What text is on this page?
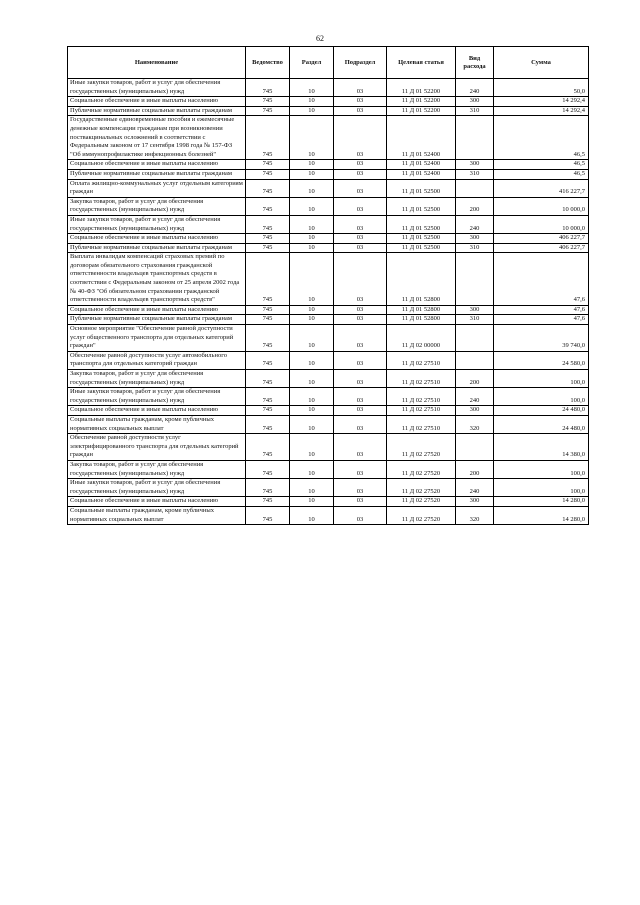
62
Наименование	Ведомство	Раздел	Подраздел	Целевая статья	Вид расхода	Сумма
Иные закупки товаров, работ и услуг для обеспечения государственных (муниципальных) нужд	745	10	03	11 Д 01 52200	240	50,0
Социальное обеспечение и иные выплаты населению	745	10	03	11 Д 01 52200	300	14 292,4
Публичные нормативные социальные выплаты гражданам	745	10	03	11 Д 01 52200	310	14 292,4
Государственные единовременные пособия и ежемесячные денежные компенсации гражданам при возникновении поствакцинальных осложнений в соответствии с Федеральным законом от 17 сентября 1998 года № 157-ФЗ "Об иммунопрофилактике инфекционных болезней"	745	10	03	11 Д 01 52400		46,5
Социальное обеспечение и иные выплаты населению	745	10	03	11 Д 01 52400	300	46,5
Публичные нормативные социальные выплаты гражданам	745	10	03	11 Д 01 52400	310	46,5
Оплата жилищно-коммунальных услуг отдельным категориям граждан	745	10	03	11 Д 01 52500		416 227,7
Закупка товаров, работ и услуг для обеспечения государственных (муниципальных) нужд	745	10	03	11 Д 01 52500	200	10 000,0
Иные закупки товаров, работ и услуг для обеспечения государственных (муниципальных) нужд	745	10	03	11 Д 01 52500	240	10 000,0
Социальное обеспечение и иные выплаты населению	745	10	03	11 Д 01 52500	300	406 227,7
Публичные нормативные социальные выплаты гражданам	745	10	03	11 Д 01 52500	310	406 227,7
Выплата инвалидам компенсаций страховых премий по договорам обязательного страхования гражданской ответственности владельцев транспортных средств в соответствии с Федеральным законом от 25 апреля 2002 года № 40-ФЗ "Об обязательном страховании гражданской ответственности владельцев транспортных средств"	745	10	03	11 Д 01 52800		47,6
Социальное обеспечение и иные выплаты населению	745	10	03	11 Д 01 52800	300	47,6
Публичные нормативные социальные выплаты гражданам	745	10	03	11 Д 01 52800	310	47,6
Основное мероприятие "Обеспечение равной доступности услуг общественного транспорта для отдельных категорий граждан"	745	10	03	11 Д 02 00000		39 740,0
Обеспечение равной доступности услуг автомобильного транспорта для отдельных категорий граждан	745	10	03	11 Д 02 27510		24 580,0
Закупка товаров, работ и услуг для обеспечения государственных (муниципальных) нужд	745	10	03	11 Д 02 27510	200	100,0
Иные закупки товаров, работ и услуг для обеспечения государственных (муниципальных) нужд	745	10	03	11 Д 02 27510	240	100,0
Социальное обеспечение и иные выплаты населению	745	10	03	11 Д 02 27510	300	24 480,0
Социальные выплаты гражданам, кроме публичных нормативных социальных выплат	745	10	03	11 Д 02 27510	320	24 480,0
Обеспечение равной доступности услуг электрифицированного транспорта для отдельных категорий граждан	745	10	03	11 Д 02 27520		14 380,0
Закупка товаров, работ и услуг для обеспечения государственных (муниципальных) нужд	745	10	03	11 Д 02 27520	200	100,0
Иные закупки товаров, работ и услуг для обеспечения государственных (муниципальных) нужд	745	10	03	11 Д 02 27520	240	100,0
Социальное обеспечение и иные выплаты населению	745	10	03	11 Д 02 27520	300	14 280,0
Социальные выплаты гражданам, кроме публичных нормативных социальных выплат	745	10	03	11 Д 02 27520	320	14 280,0
